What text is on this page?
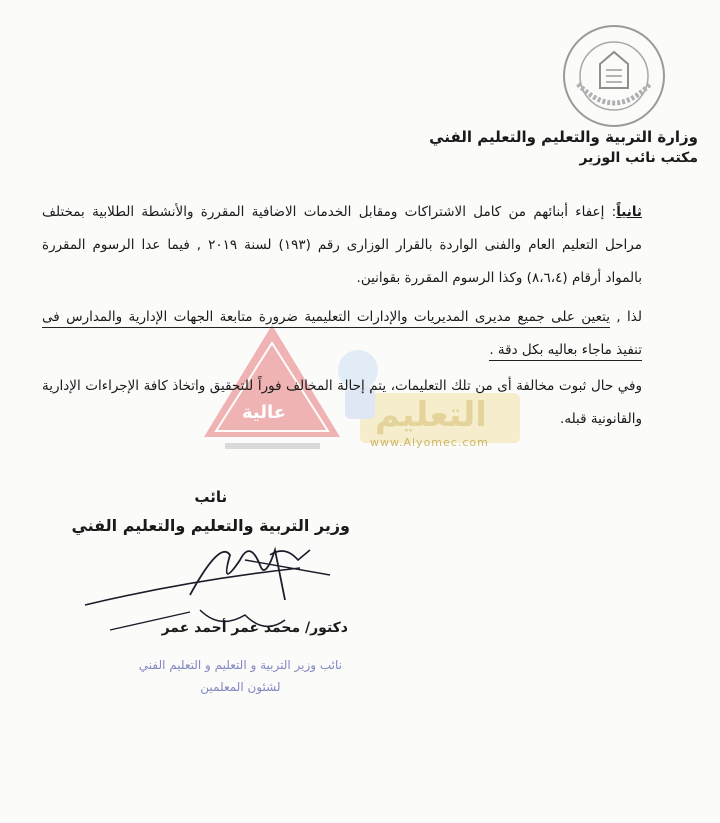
وزارة التربية والتعليم والتعليم الفني
مكتب نائب الوزير
عالية	التعليم
www.Alyomec.com
ثانياً: إعفاء أبنائهم من كامل الاشتراكات ومقابل الخدمات الاضافية المقررة والأنشطة الطلابية بمختلف مراحل التعليم العام والفنى الواردة بالقرار الوزارى رقم (١٩٣) لسنة ٢٠١٩ , فيما عدا الرسوم المقررة بالمواد أرقام (٨،٦،٤) وكذا الرسوم المقررة بقوانين.
لذا , يتعين على جميع مديرى المديريات والإدارات التعليمية ضرورة متابعة الجهات الإدارية والمدارس فى تنفيذ ماجاء بعاليه بكل دقة .
وفي حال ثبوت مخالفة أى من تلك التعليمات، يتم إحالة المخالف فوراً للتحقيق واتخاذ كافة الإجراءات الإدارية والقانونية قبله.
نائب
وزير التربية والتعليم والتعليم الفني
دكتور/ محمد عمر أحمد عمر
نائب وزير التربية و التعليم و التعليم الفني
لشئون المعلمين
